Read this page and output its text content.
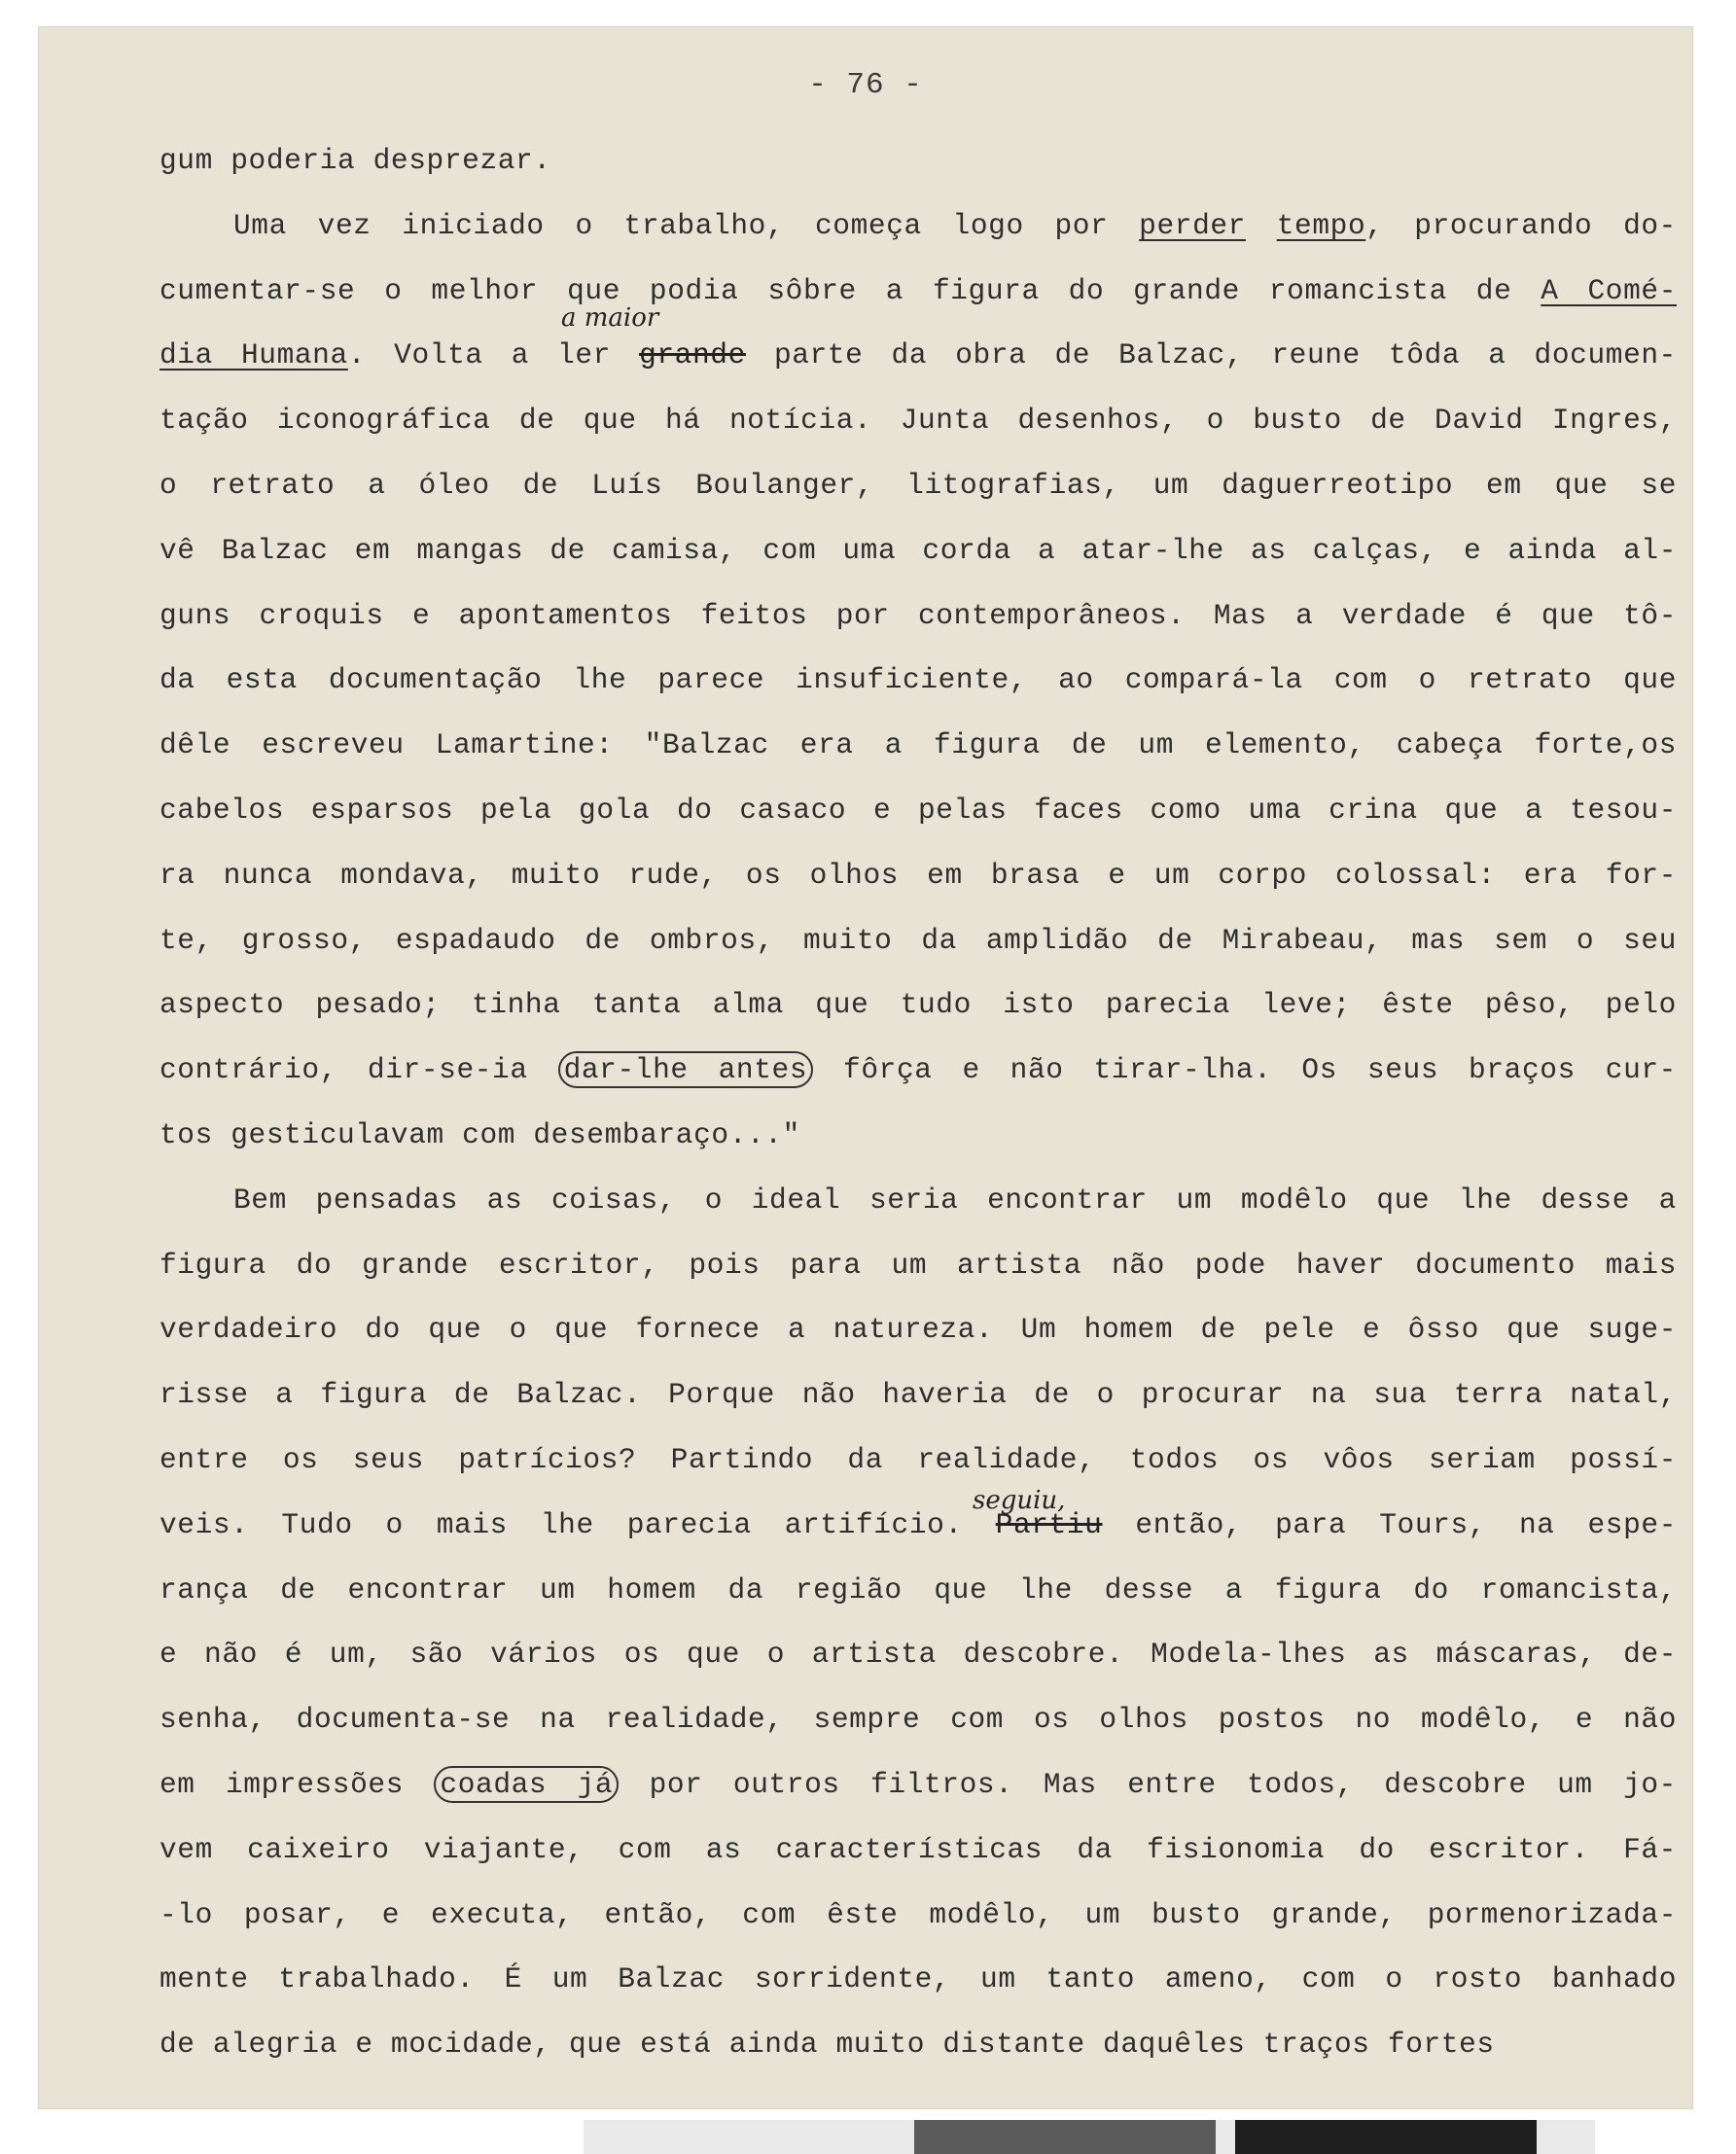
- 76 -
a maior
seguiu,
gum poderia desprezar.
Uma vez iniciado o trabalho, começa logo por perder tempo, procurando do-
cumentar-se o melhor que podia sôbre a figura do grande romancista de A Comé-
dia Humana. Volta a ler grande parte da obra de Balzac, reune tôda a documen-
tação iconográfica de que há notícia. Junta desenhos, o busto de David Ingres,
o retrato a óleo de Luís Boulanger, litografias, um daguerreotipo em que se
vê Balzac em mangas de camisa, com uma corda a atar-lhe as calças, e ainda al-
guns croquis e apontamentos feitos por contemporâneos. Mas a verdade é que tô-
da esta documentação lhe parece insuficiente, ao compará-la com o retrato que
dêle escreveu Lamartine: "Balzac era a figura de um elemento, cabeça forte,os
cabelos esparsos pela gola do casaco e pelas faces como uma crina que a tesou-
ra nunca mondava, muito rude, os olhos em brasa e um corpo colossal: era for-
te, grosso, espadaudo de ombros, muito da amplidão de Mirabeau, mas sem o seu
aspecto pesado; tinha tanta alma que tudo isto parecia leve; êste pêso, pelo
contrário, dir-se-ia dar-lhe antes fôrça e não tirar-lha. Os seus braços cur-
tos gesticulavam com desembaraço..."
Bem pensadas as coisas, o ideal seria encontrar um modêlo que lhe desse a
figura do grande escritor, pois para um artista não pode haver documento mais
verdadeiro do que o que fornece a natureza. Um homem de pele e ôsso que suge-
risse a figura de Balzac. Porque não haveria de o procurar na sua terra natal,
entre os seus patrícios? Partindo da realidade, todos os vôos seriam possí-
veis. Tudo o mais lhe parecia artifício. Partiu então, para Tours, na espe-
rança de encontrar um homem da região que lhe desse a figura do romancista,
e não é um, são vários os que o artista descobre. Modela-lhes as máscaras, de-
senha, documenta-se na realidade, sempre com os olhos postos no modêlo, e não
em impressões coadas já por outros filtros. Mas entre todos, descobre um jo-
vem caixeiro viajante, com as características da fisionomia do escritor. Fá-
-lo posar, e executa, então, com êste modêlo, um busto grande, pormenorizada-
mente trabalhado. É um Balzac sorridente, um tanto ameno, com o rosto banhado
de alegria e mocidade, que está ainda muito distante daquêles traços fortes
